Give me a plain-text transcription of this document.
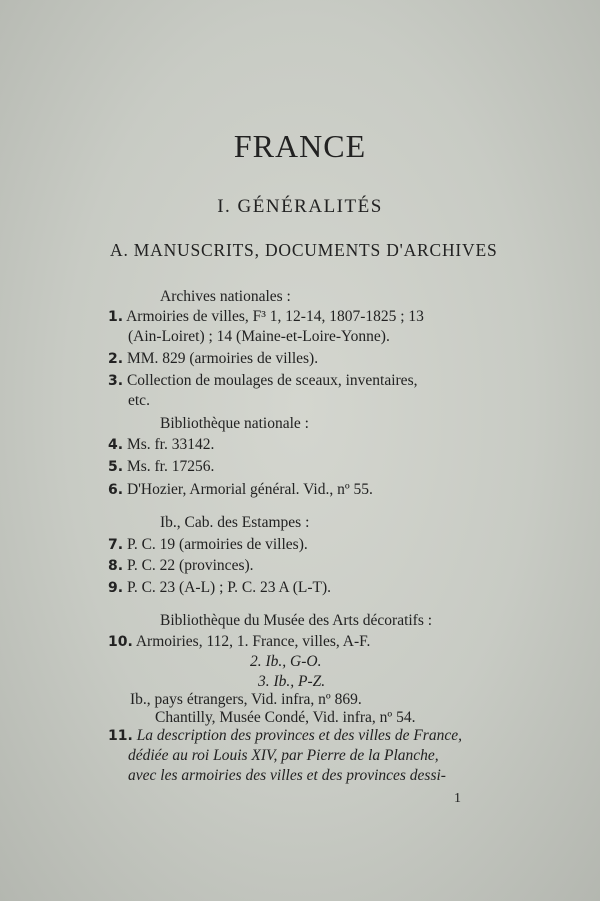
FRANCE
I. GÉNÉRALITÉS
A. MANUSCRITS, DOCUMENTS D'ARCHIVES
Archives nationales :
1. Armoiries de villes, F³ 1, 12-14, 1807-1825 ; 13
(Ain-Loiret) ; 14 (Maine-et-Loire-Yonne).
2. MM. 829 (armoiries de villes).
3. Collection de moulages de sceaux, inventaires,
etc.
Bibliothèque nationale :
4. Ms. fr. 33142.
5. Ms. fr. 17256.
6. D'Hozier, Armorial général. Vid., nº 55.
Ib., Cab. des Estampes :
7. P. C. 19 (armoiries de villes).
8. P. C. 22 (provinces).
9. P. C. 23 (A-L) ; P. C. 23 A (L-T).
Bibliothèque du Musée des Arts décoratifs :
10. Armoiries, 112, 1. France, villes, A-F.
2. Ib., G-O.
3. Ib., P-Z.
Ib., pays étrangers, Vid. infra, nº 869.
Chantilly, Musée Condé, Vid. infra, nº 54.
11. La description des provinces et des villes de France,
dédiée au roi Louis XIV, par Pierre de la Planche,
avec les armoiries des villes et des provinces dessi-
1
